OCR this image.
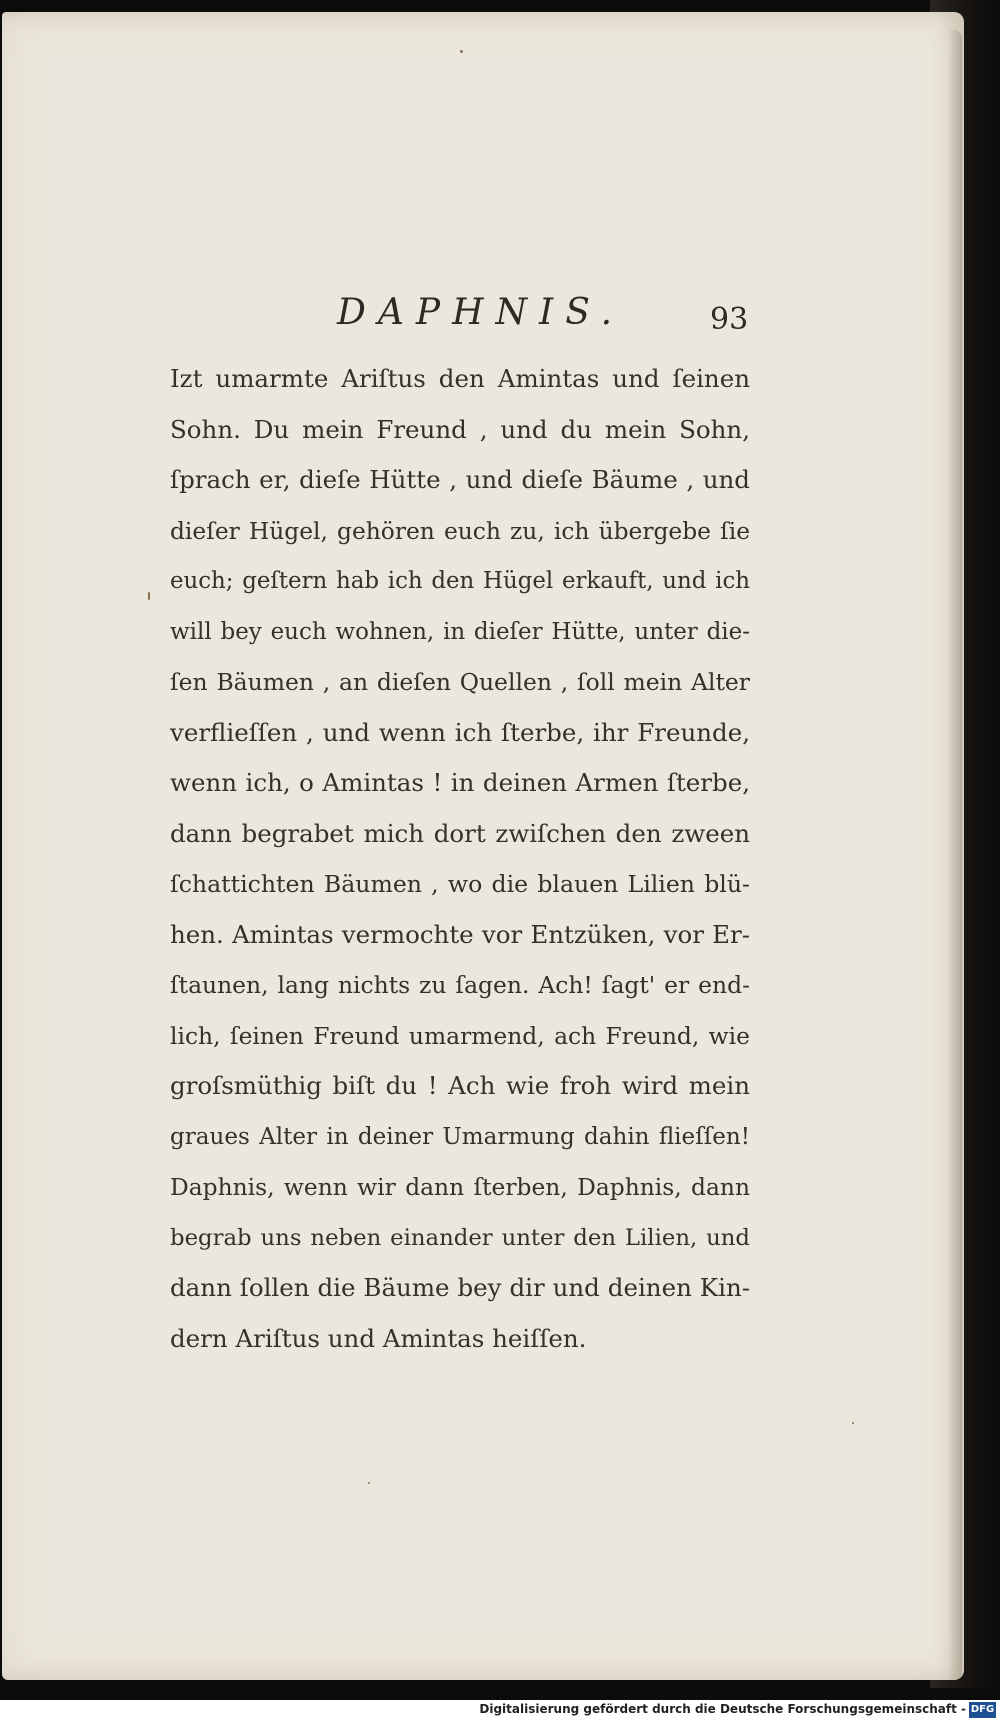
DAPHNIS.	93
Izt umarmte Ariſtus den Amintas und ſeinen
Sohn. Du mein Freund , und du mein Sohn,
ſprach er, dieſe Hütte , und dieſe Bäume , und
dieſer Hügel, gehören euch zu, ich übergebe ſie
euch; geſtern hab ich den Hügel erkauft, und ich
will bey euch wohnen, in dieſer Hütte, unter die-
ſen Bäumen , an dieſen Quellen , ſoll mein Alter
verflieſſen , und wenn ich ſterbe, ihr Freunde,
wenn ich, o Amintas ! in deinen Armen ſterbe,
dann begrabet mich dort zwiſchen den zween
ſchattichten Bäumen , wo die blauen Lilien blü-
hen. Amintas vermochte vor Entzüken, vor Er-
ſtaunen, lang nichts zu ſagen. Ach! ſagt' er end-
lich, ſeinen Freund umarmend, ach Freund, wie
groſsmüthig biſt du ! Ach wie froh wird mein
graues Alter in deiner Umarmung dahin flieſſen!
Daphnis, wenn wir dann ſterben, Daphnis, dann
begrab uns neben einander unter den Lilien, und
dann ſollen die Bäume bey dir und deinen Kin-
dern Ariſtus und Amintas heiſſen.
Digitalisierung gefördert durch die Deutsche Forschungsgemeinschaft - DFG
